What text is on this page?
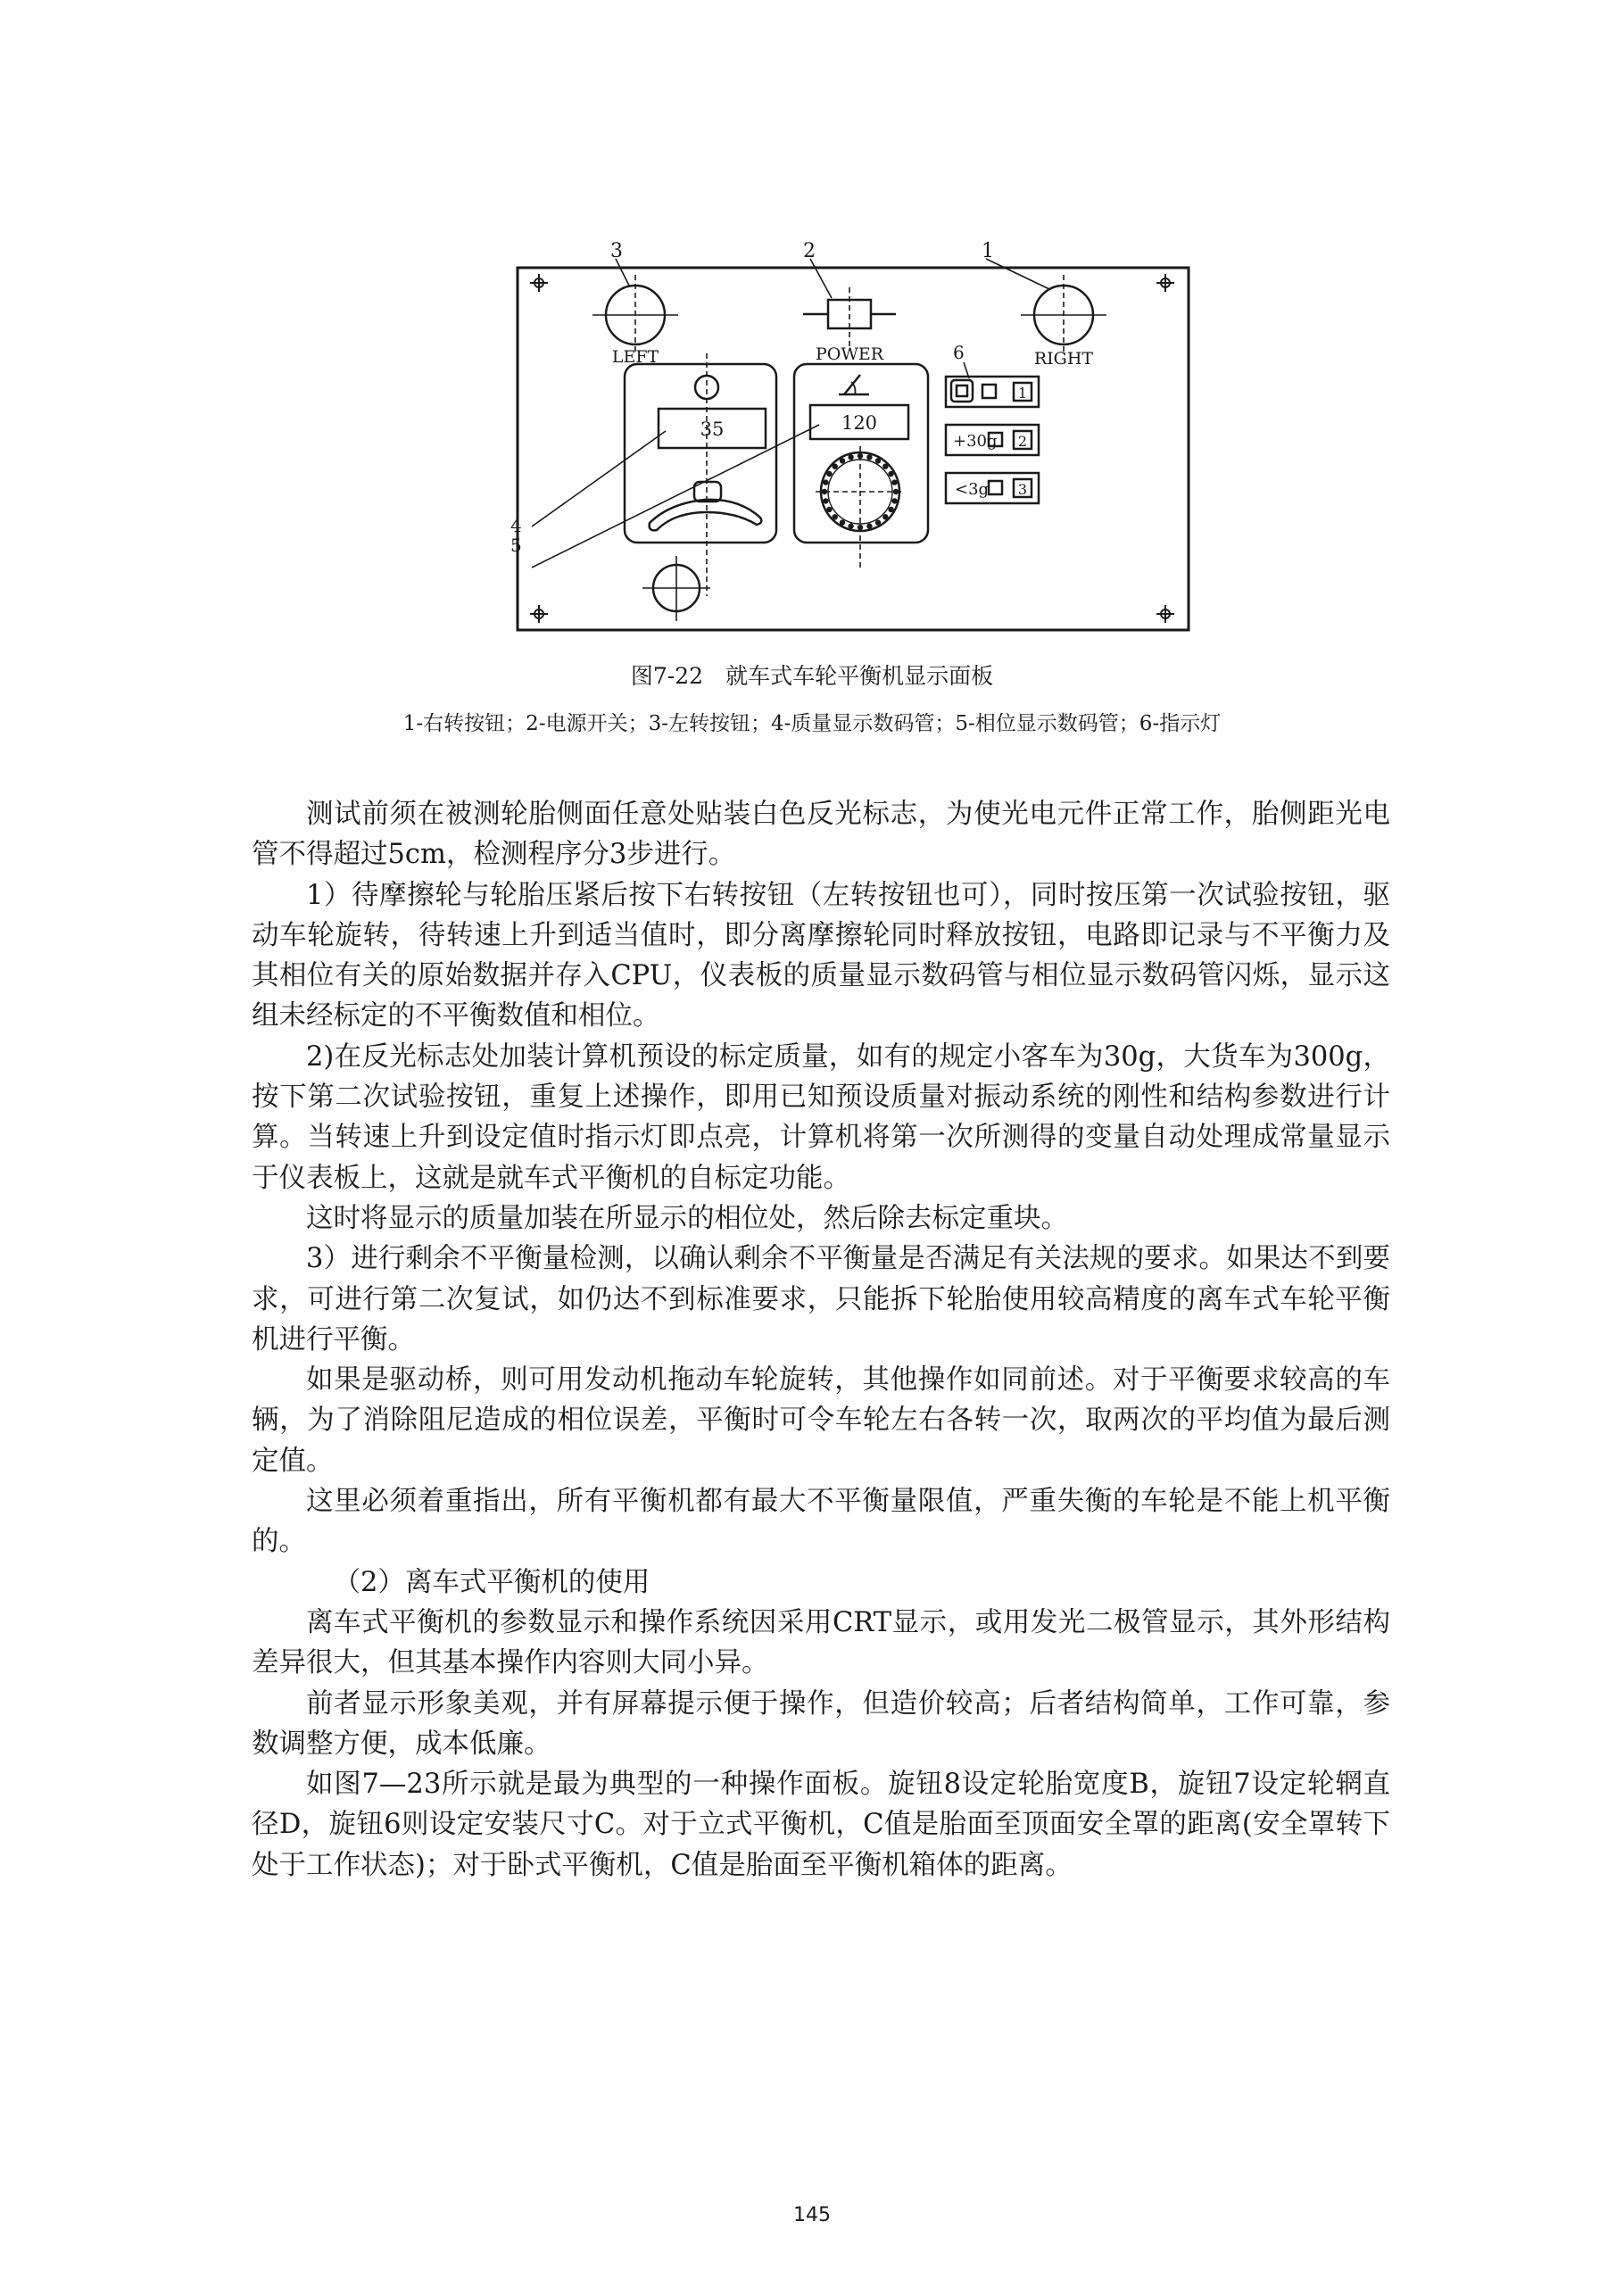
3	2	1
6
4
5
LEFT	POWER	RIGHT
35	120
+30g
<3g
1
2
3
图7-22　就车式车轮平衡机显示面板
1-右转按钮；2-电源开关；3-左转按钮；4-质量显示数码管；5-相位显示数码管；6-指示灯

测试前须在被测轮胎侧面任意处贴装白色反光标志，为使光电元件正常工作，胎侧距光电管不得超过5cm，检测程序分3步进行。

1）待摩擦轮与轮胎压紧后按下右转按钮（左转按钮也可），同时按压第一次试验按钮，驱动车轮旋转，待转速上升到适当值时，即分离摩擦轮同时释放按钮，电路即记录与不平衡力及其相位有关的原始数据并存入CPU，仪表板的质量显示数码管与相位显示数码管闪烁，显示这组未经标定的不平衡数值和相位。

2)在反光标志处加装计算机预设的标定质量，如有的规定小客车为30g，大货车为300g，按下第二次试验按钮，重复上述操作，即用已知预设质量对振动系统的刚性和结构参数进行计算。当转速上升到设定值时指示灯即点亮，计算机将第一次所测得的变量自动处理成常量显示于仪表板上，这就是就车式平衡机的自标定功能。

这时将显示的质量加装在所显示的相位处，然后除去标定重块。

3）进行剩余不平衡量检测，以确认剩余不平衡量是否满足有关法规的要求。如果达不到要求，可进行第二次复试，如仍达不到标准要求，只能拆下轮胎使用较高精度的离车式车轮平衡机进行平衡。

如果是驱动桥，则可用发动机拖动车轮旋转，其他操作如同前述。对于平衡要求较高的车辆，为了消除阻尼造成的相位误差，平衡时可令车轮左右各转一次，取两次的平均值为最后测定值。

这里必须着重指出，所有平衡机都有最大不平衡量限值，严重失衡的车轮是不能上机平衡的。

（2）离车式平衡机的使用

离车式平衡机的参数显示和操作系统因采用CRT显示，或用发光二极管显示，其外形结构差异很大，但其基本操作内容则大同小异。

前者显示形象美观，并有屏幕提示便于操作，但造价较高；后者结构简单，工作可靠，参数调整方便，成本低廉。

如图7—23所示就是最为典型的一种操作面板。旋钮8设定轮胎宽度B，旋钮7设定轮辋直径D，旋钮6则设定安装尺寸C。对于立式平衡机，C值是胎面至顶面安全罩的距离(安全罩转下处于工作状态)；对于卧式平衡机，C值是胎面至平衡机箱体的距离。

145
